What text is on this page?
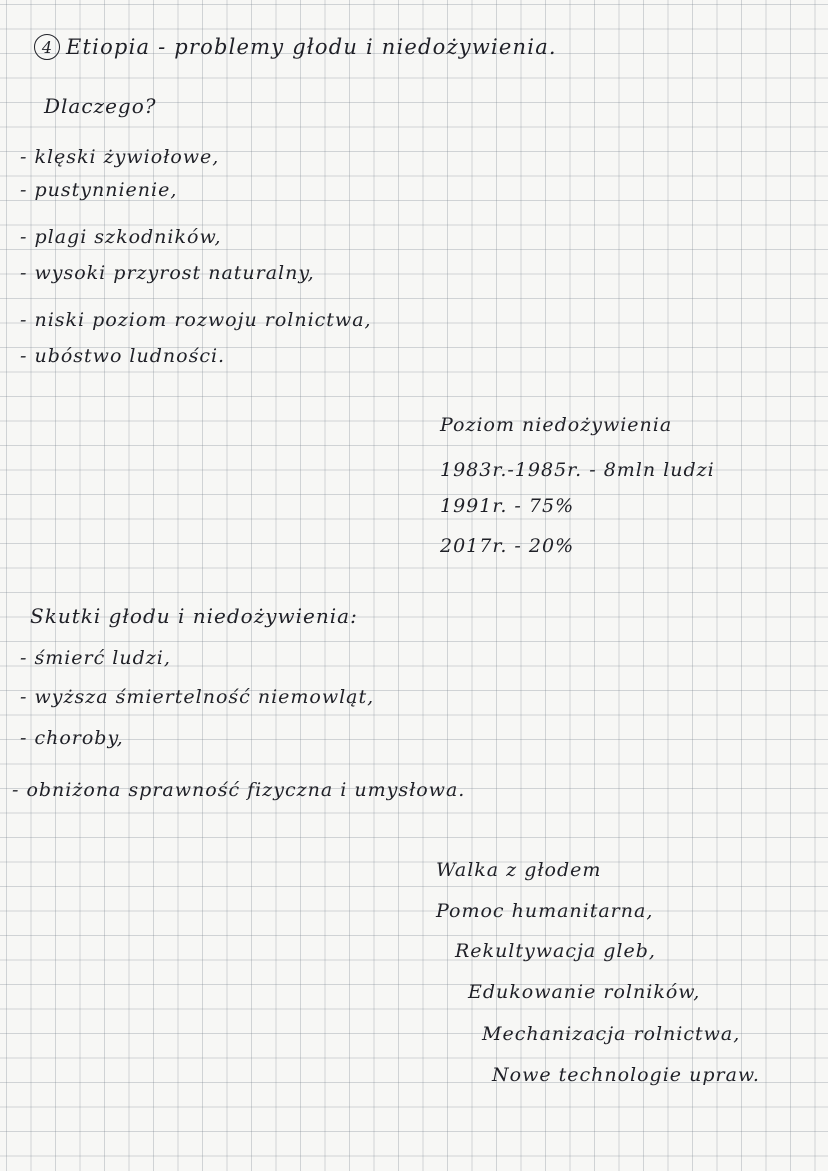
4 Etiopia - problemy głodu i niedożywienia.
Dlaczego?
- klęski żywiołowe,
- pustynnienie,
- plagi szkodników,
- wysoki przyrost naturalny,
- niski poziom rozwoju rolnictwa,
- ubóstwo ludności.
Poziom niedożywienia
1983r.-1985r. - 8mln ludzi
1991r. - 75%
2017r. - 20%
Skutki głodu i niedożywienia:
- śmierć ludzi,
- wyższa śmiertelność niemowląt,
- choroby,
- obniżona sprawność fizyczna i umysłowa.
Walka z głodem
Pomoc humanitarna,
Rekultywacja gleb,
Edukowanie rolników,
Mechanizacja rolnictwa,
Nowe technologie upraw.
